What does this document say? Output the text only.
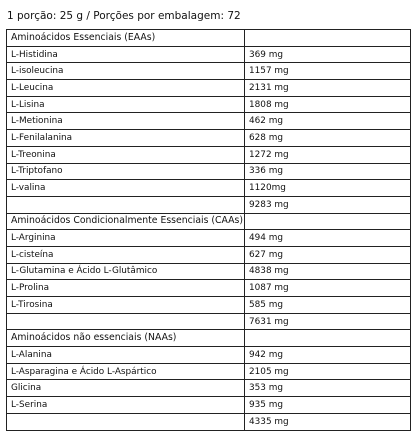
1 porção: 25 g / Porções por embalagem: 72
Aminoácidos Essenciais (EAAs)	
L-Histidina	369 mg
L-isoleucina	1157 mg
L-Leucina	2131 mg
L-Lisina	1808 mg
L-Metionina	462 mg
L-Fenilalanina	628 mg
L-Treonina	1272 mg
L-Triptofano	336 mg
L-valina	1120mg
	9283 mg
Aminoácidos Condicionalmente Essenciais (CAAs)	
L-Arginina	494 mg
L-cisteína	627 mg
L-Glutamina e Ácido L-Glutâmico	4838 mg
L-Prolina	1087 mg
L-Tirosina	585 mg
	7631 mg
Aminoácidos não essenciais (NAAs)	
L-Alanina	942 mg
L-Asparagina e Ácido L-Aspártico	2105 mg
Glicina	353 mg
L-Serina	935 mg
	4335 mg
